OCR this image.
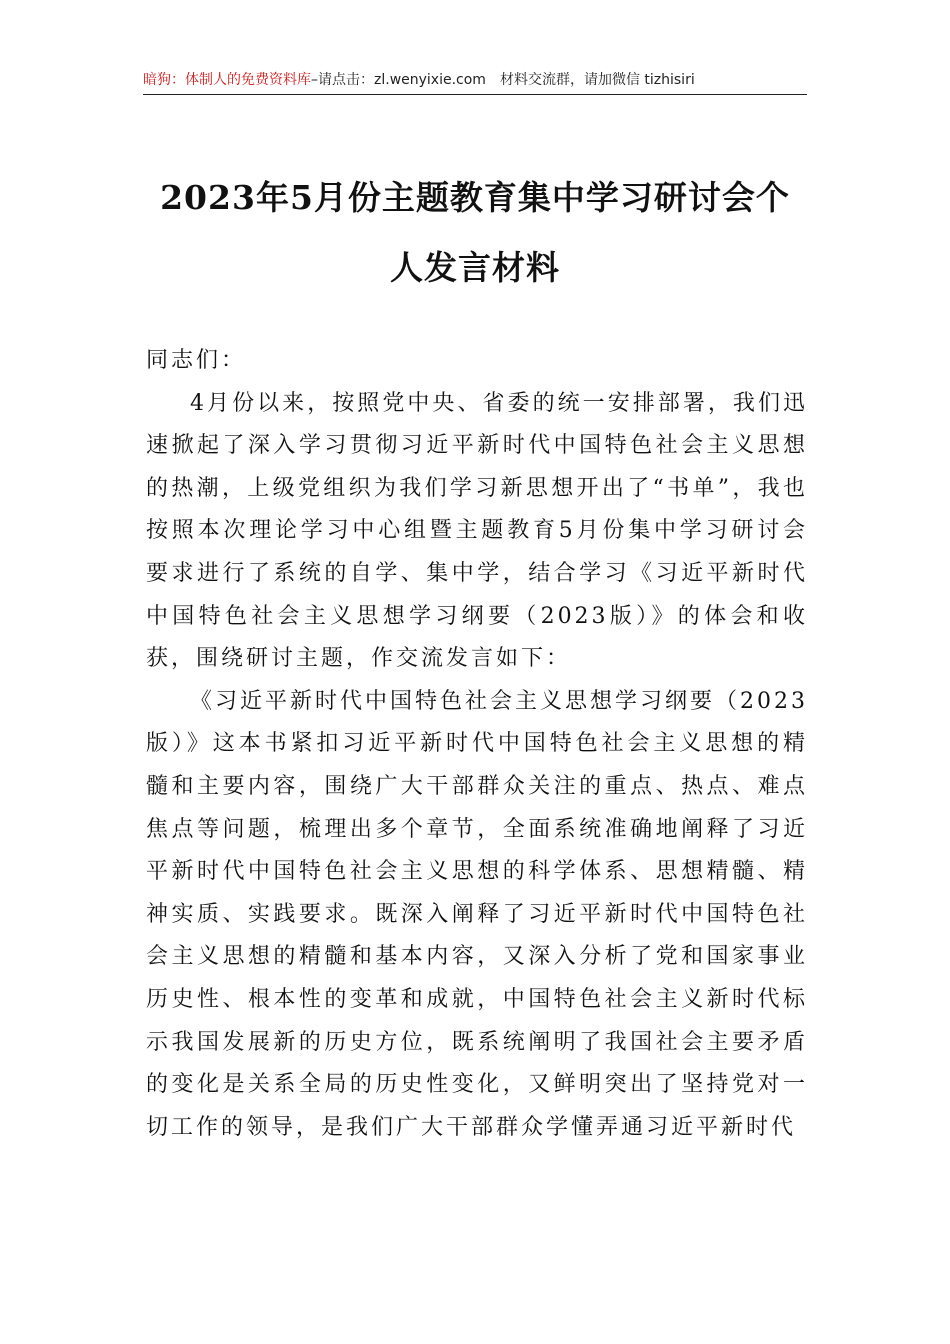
暗狗：体制人的免费资料库–请点击：zl.wenyixie.com 材料交流群，请加微信 tizhisiri
2023年5月份主题教育集中学习研讨会个
人发言材料

同志们：

4月份以来，按照党中央、省委的统一安排部署，我们迅速掀起了深入学习贯彻习近平新时代中国特色社会主义思想的热潮，上级党组织为我们学习新思想开出了“书单”，我也按照本次理论学习中心组暨主题教育5月份集中学习研讨会要求进行了系统的自学、集中学，结合学习《习近平新时代中国特色社会主义思想学习纲要（2023版）》的体会和收获，围绕研讨主题，作交流发言如下：

《习近平新时代中国特色社会主义思想学习纲要（2023版）》这本书紧扣习近平新时代中国特色社会主义思想的精髓和主要内容，围绕广大干部群众关注的重点、热点、难点焦点等问题，梳理出多个章节，全面系统准确地阐释了习近平新时代中国特色社会主义思想的科学体系、思想精髓、精神实质、实践要求。既深入阐释了习近平新时代中国特色社会主义思想的精髓和基本内容，又深入分析了党和国家事业历史性、根本性的变革和成就，中国特色社会主义新时代标示我国发展新的历史方位，既系统阐明了我国社会主要矛盾的变化是关系全局的历史性变化，又鲜明突出了坚持党对一切工作的领导，是我们广大干部群众学懂弄通习近平新时代
